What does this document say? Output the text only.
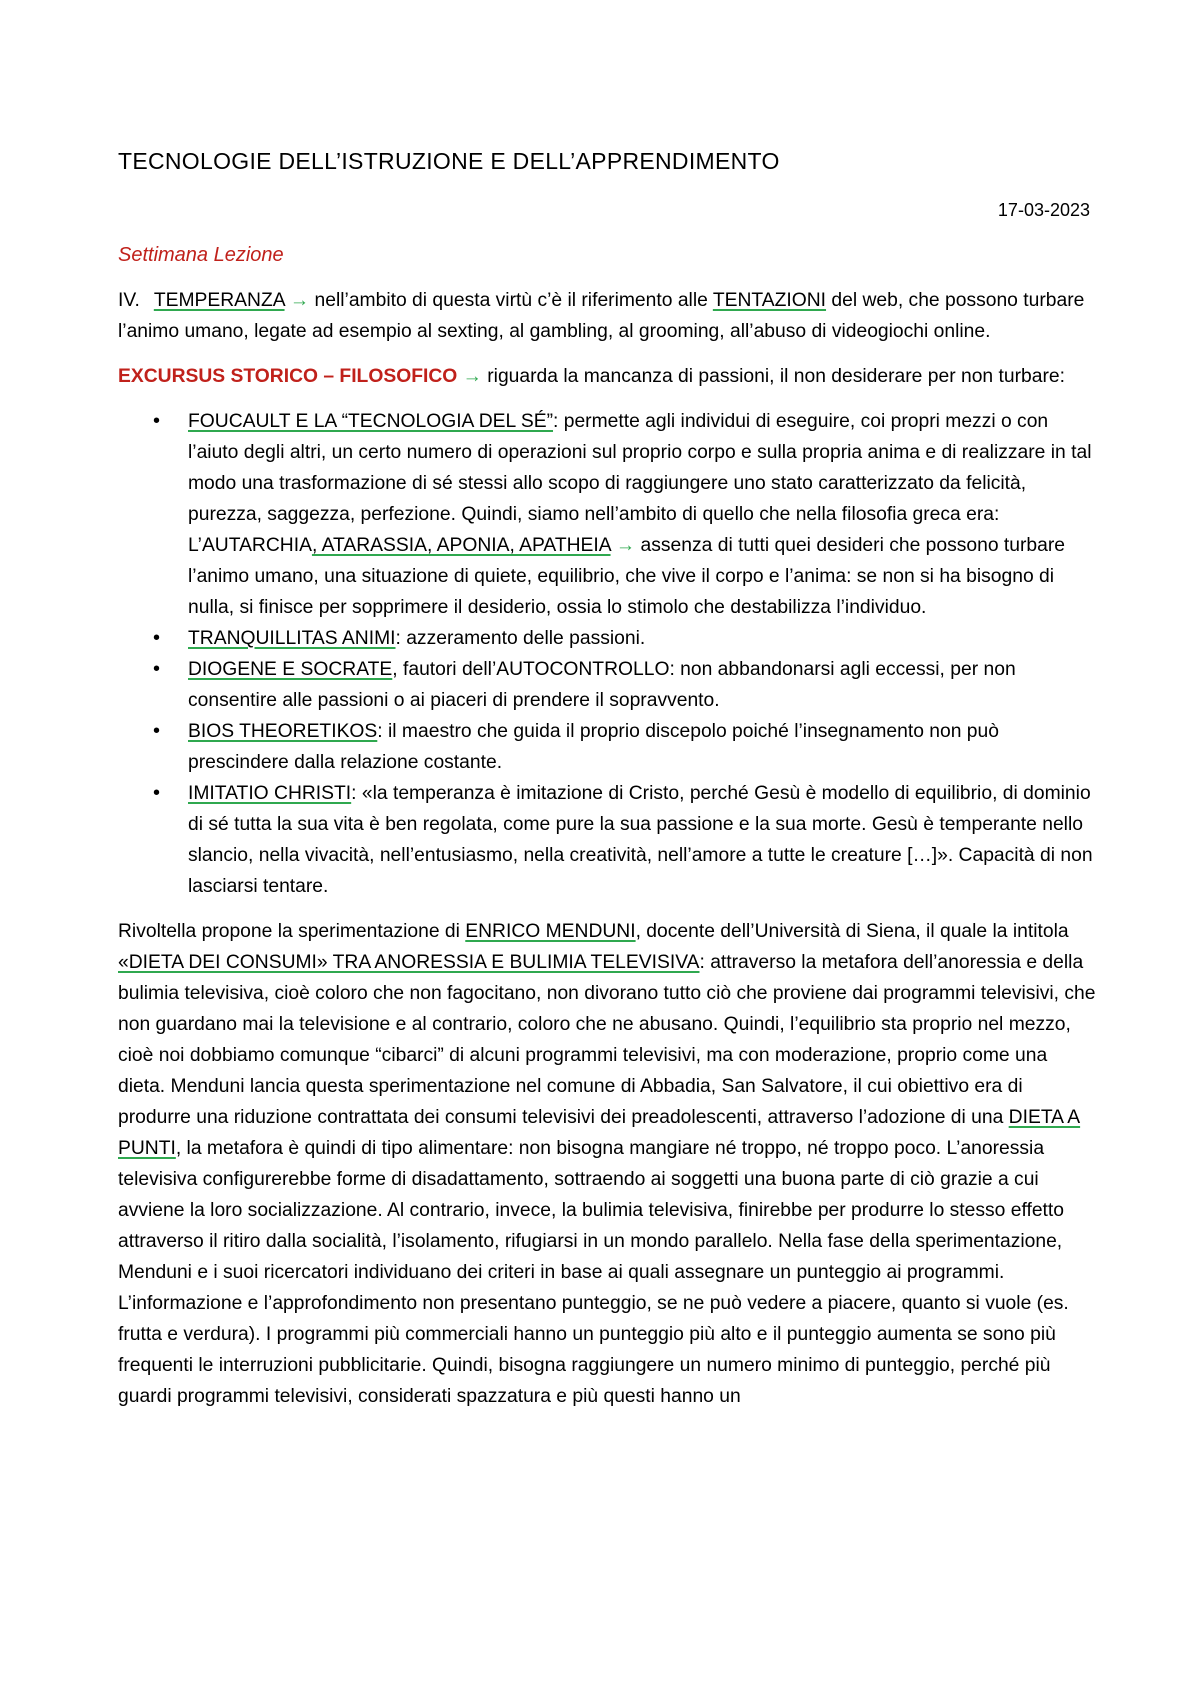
TECNOLOGIE DELL’ISTRUZIONE E DELL’APPRENDIMENTO
17-03-2023
Settimana Lezione

IV. TEMPERANZA → nell’ambito di questa virtù c’è il riferimento alle TENTAZIONI del web, che possono turbare l’animo umano, legate ad esempio al sexting, al gambling, al grooming, all’abuso di videogiochi online.

EXCURSUS STORICO – FILOSOFICO → riguarda la mancanza di passioni, il non desiderare per non turbare:

• FOUCAULT E LA “TECNOLOGIA DEL SÉ”: permette agli individui di eseguire, coi propri mezzi o con l’aiuto degli altri, un certo numero di operazioni sul proprio corpo e sulla propria anima e di realizzare in tal modo una trasformazione di sé stessi allo scopo di raggiungere uno stato caratterizzato da felicità, purezza, saggezza, perfezione. Quindi, siamo nell’ambito di quello che nella filosofia greca era: L’AUTARCHIA, ATARASSIA, APONIA, APATHEIA → assenza di tutti quei desideri che possono turbare l’animo umano, una situazione di quiete, equilibrio, che vive il corpo e l’anima: se non si ha bisogno di nulla, si finisce per sopprimere il desiderio, ossia lo stimolo che destabilizza l’individuo.
• TRANQUILLITAS ANIMI: azzeramento delle passioni.
• DIOGENE E SOCRATE, fautori dell’AUTOCONTROLLO: non abbandonarsi agli eccessi, per non consentire alle passioni o ai piaceri di prendere il sopravvento.
• BIOS THEORETIKOS: il maestro che guida il proprio discepolo poiché l’insegnamento non può prescindere dalla relazione costante.
• IMITATIO CHRISTI: «la temperanza è imitazione di Cristo, perché Gesù è modello di equilibrio, di dominio di sé tutta la sua vita è ben regolata, come pure la sua passione e la sua morte. Gesù è temperante nello slancio, nella vivacità, nell’entusiasmo, nella creatività, nell’amore a tutte le creature […]». Capacità di non lasciarsi tentare.

Rivoltella propone la sperimentazione di ENRICO MENDUNI, docente dell’Università di Siena, il quale la intitola «DIETA DEI CONSUMI» TRA ANORESSIA E BULIMIA TELEVISIVA: attraverso la metafora dell’anoressia e della bulimia televisiva, cioè coloro che non fagocitano, non divorano tutto ciò che proviene dai programmi televisivi, che non guardano mai la televisione e al contrario, coloro che ne abusano. Quindi, l’equilibrio sta proprio nel mezzo, cioè noi dobbiamo comunque “cibarci” di alcuni programmi televisivi, ma con moderazione, proprio come una dieta. Menduni lancia questa sperimentazione nel comune di Abbadia, San Salvatore, il cui obiettivo era di produrre una riduzione contrattata dei consumi televisivi dei preadolescenti, attraverso l’adozione di una DIETA A PUNTI, la metafora è quindi di tipo alimentare: non bisogna mangiare né troppo, né troppo poco. L’anoressia televisiva configurerebbe forme di disadattamento, sottraendo ai soggetti una buona parte di ciò grazie a cui avviene la loro socializzazione. Al contrario, invece, la bulimia televisiva, finirebbe per produrre lo stesso effetto attraverso il ritiro dalla socialità, l’isolamento, rifugiarsi in un mondo parallelo. Nella fase della sperimentazione, Menduni e i suoi ricercatori individuano dei criteri in base ai quali assegnare un punteggio ai programmi. L’informazione e l’approfondimento non presentano punteggio, se ne può vedere a piacere, quanto si vuole (es. frutta e verdura). I programmi più commerciali hanno un punteggio più alto e il punteggio aumenta se sono più frequenti le interruzioni pubblicitarie. Quindi, bisogna raggiungere un numero minimo di punteggio, perché più guardi programmi televisivi, considerati spazzatura e più questi hanno un
